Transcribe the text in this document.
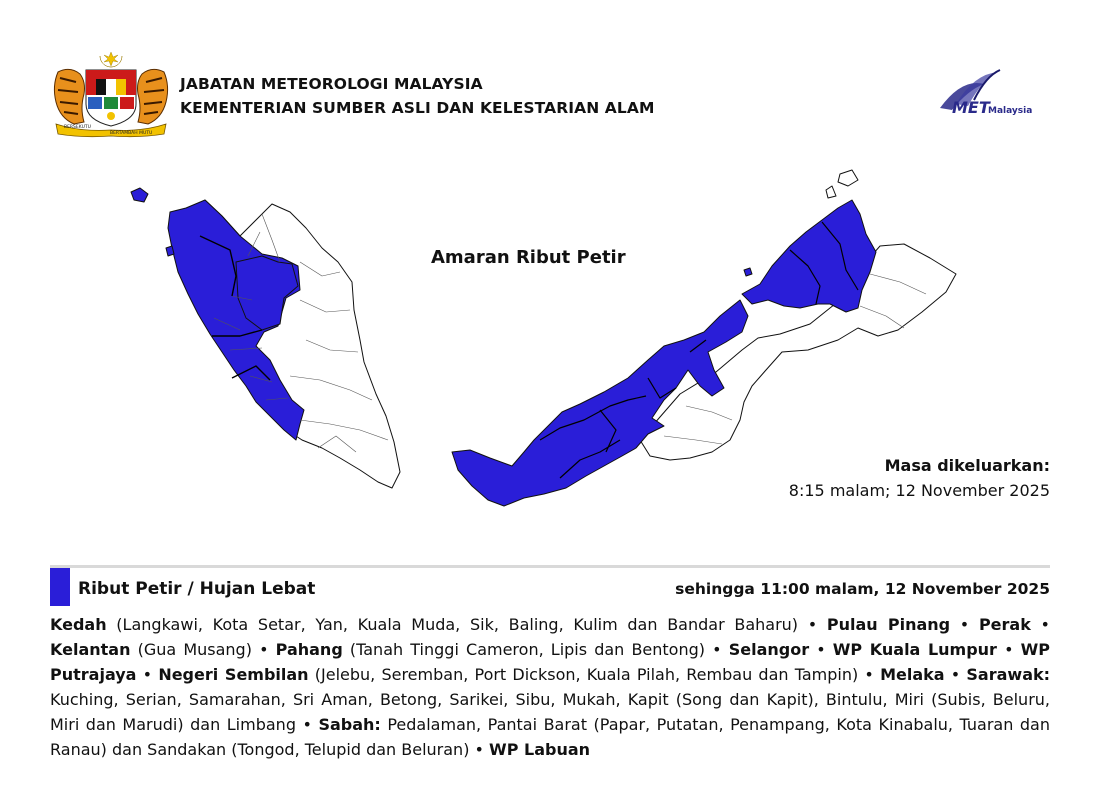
BERSEKUTU
BERTAMBAH MUTU
JABATAN METEOROLOGI MALAYSIA
KEMENTERIAN SUMBER ASLI DAN KELESTARIAN ALAM	MET
Malaysia
Amaran Ribut Petir
Masa dikeluarkan:
8:15 malam; 12 November 2025
Ribut Petir / Hujan Lebat	sehingga 11:00 malam, 12 November 2025
Kedah (Langkawi, Kota Setar, Yan, Kuala Muda, Sik, Baling, Kulim dan Bandar Baharu) • Pulau Pinang • Perak • Kelantan (Gua Musang) • Pahang (Tanah Tinggi Cameron, Lipis dan Bentong) • Selangor • WP Kuala Lumpur • WP Putrajaya • Negeri Sembilan (Jelebu, Seremban, Port Dickson, Kuala Pilah, Rembau dan Tampin) • Melaka • Sarawak: Kuching, Serian, Samarahan, Sri Aman, Betong, Sarikei, Sibu, Mukah, Kapit (Song dan Kapit), Bintulu, Miri (Subis, Beluru, Miri dan Marudi) dan Limbang • Sabah: Pedalaman, Pantai Barat (Papar, Putatan, Penampang, Kota Kinabalu, Tuaran dan Ranau) dan Sandakan (Tongod, Telupid dan Beluran) • WP Labuan
